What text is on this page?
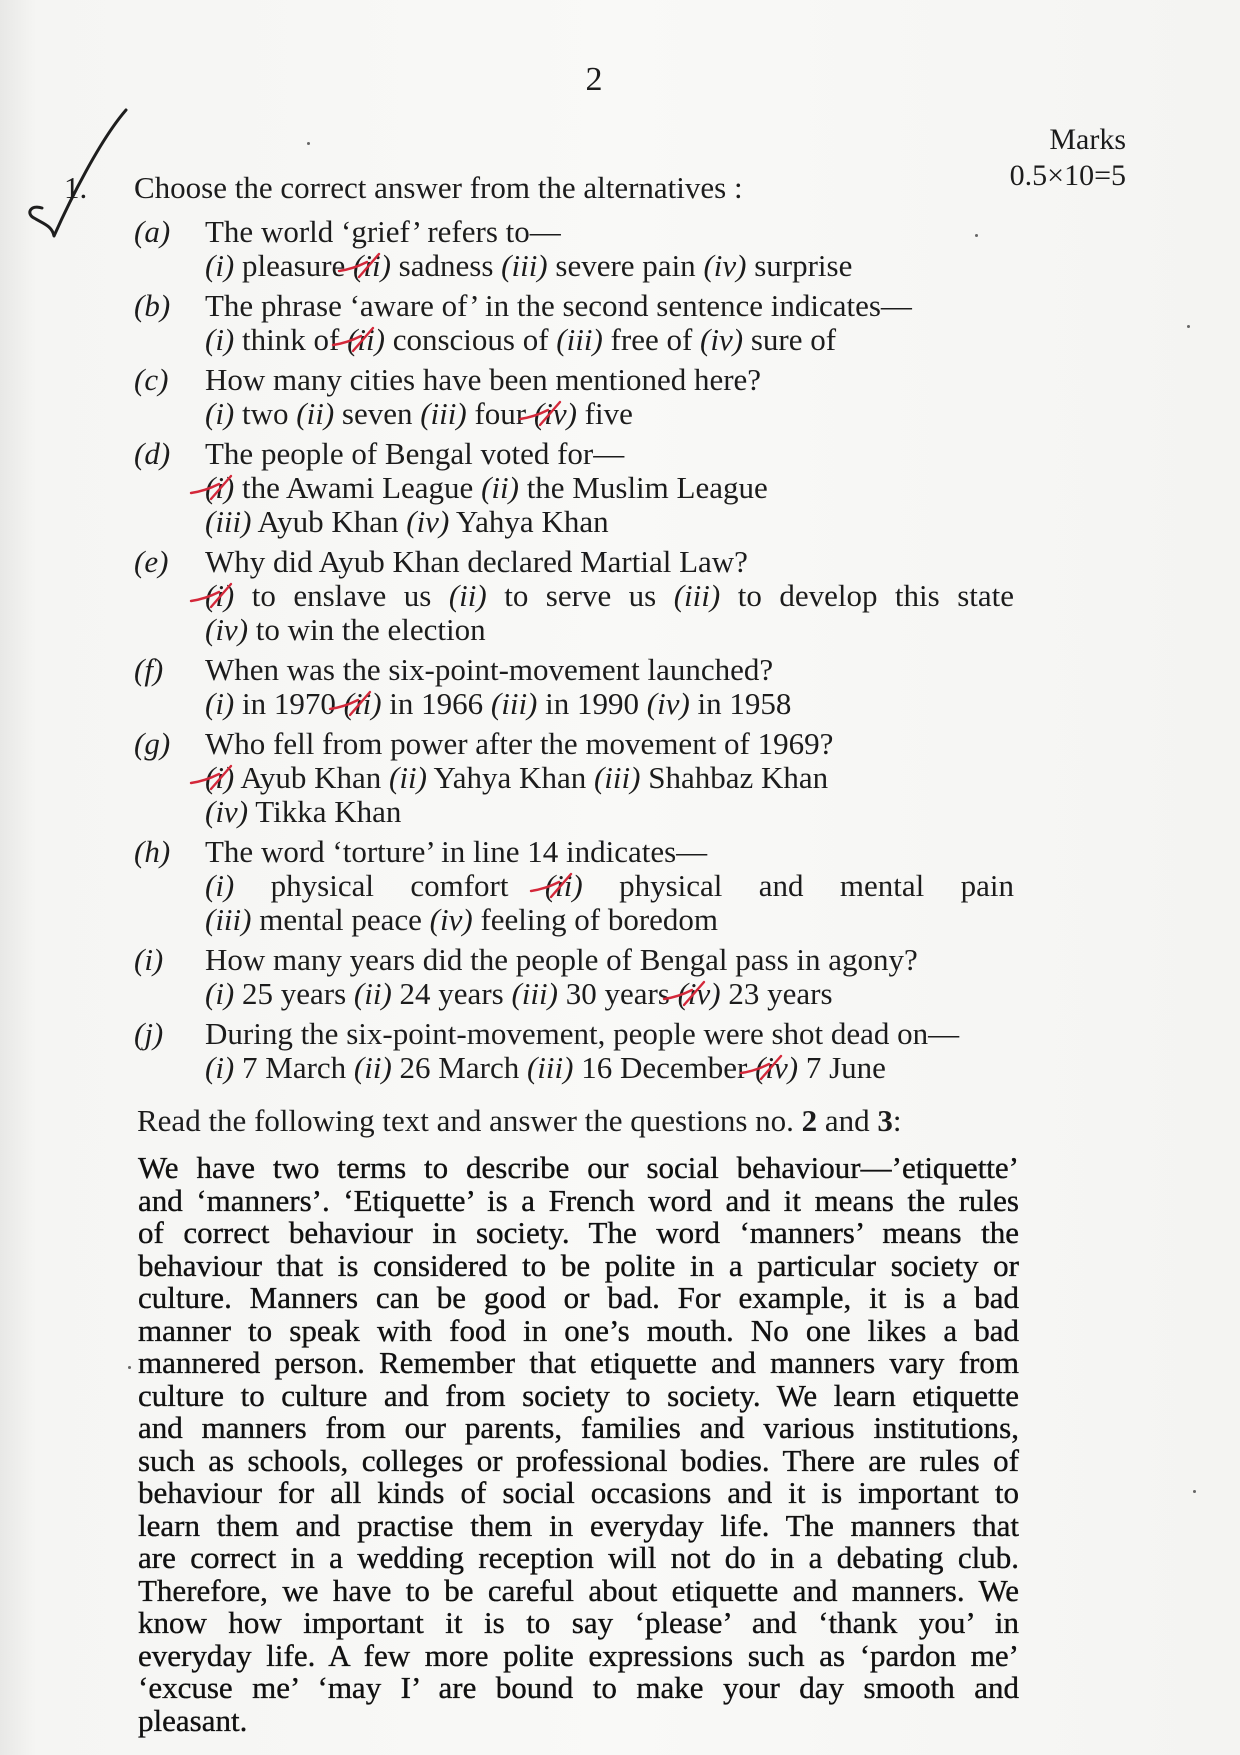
2
Marks
0.5×10=5
1. Choose the correct answer from the alternatives :
(a)	The world ‘grief’ refers to—
(i) pleasure (ii) sadness (iii) severe pain (iv) surprise
(b)	The phrase ‘aware of’ in the second sentence indicates—
(i) think of (ii) conscious of (iii) free of (iv) sure of
(c)	How many cities have been mentioned here?
(i) two (ii) seven (iii) four (iv) five
(d)	The people of Bengal voted for—
(i) the Awami League (ii) the Muslim League
(iii) Ayub Khan (iv) Yahya Khan
(e)	Why did Ayub Khan declared Martial Law?
(i) to enslave us (ii) to serve us (iii) to develop this state
(iv) to win the election
(f)	When was the six-point-movement launched?
(i) in 1970 (ii) in 1966 (iii) in 1990 (iv) in 1958
(g)	Who fell from power after the movement of 1969?
(i) Ayub Khan (ii) Yahya Khan (iii) Shahbaz Khan
(iv) Tikka Khan
(h)	The word ‘torture’ in line 14 indicates—
(i) physical comfort (ii) physical and mental pain
(iii) mental peace (iv) feeling of boredom
(i)	How many years did the people of Bengal pass in agony?
(i) 25 years (ii) 24 years (iii) 30 years (iv) 23 years
(j)	During the six-point-movement, people were shot dead on—
(i) 7 March (ii) 26 March (iii) 16 December (iv) 7 June
Read the following text and answer the questions no. 2 and 3:
We have two terms to describe our social behaviour—’etiquette’
and ‘manners’. ‘Etiquette’ is a French word and it means the rules
of correct behaviour in society. The word ‘manners’ means the
behaviour that is considered to be polite in a particular society or
culture. Manners can be good or bad. For example, it is a bad
manner to speak with food in one’s mouth. No one likes a bad
mannered person. Remember that etiquette and manners vary from
culture to culture and from society to society. We learn etiquette
and manners from our parents, families and various institutions,
such as schools, colleges or professional bodies. There are rules of
behaviour for all kinds of social occasions and it is important to
learn them and practise them in everyday life. The manners that
are correct in a wedding reception will not do in a debating club.
Therefore, we have to be careful about etiquette and manners. We
know how important it is to say ‘please’ and ‘thank you’ in
everyday life. A few more polite expressions such as ‘pardon me’
‘excuse me’ ‘may I’ are bound to make your day smooth and
pleasant.
